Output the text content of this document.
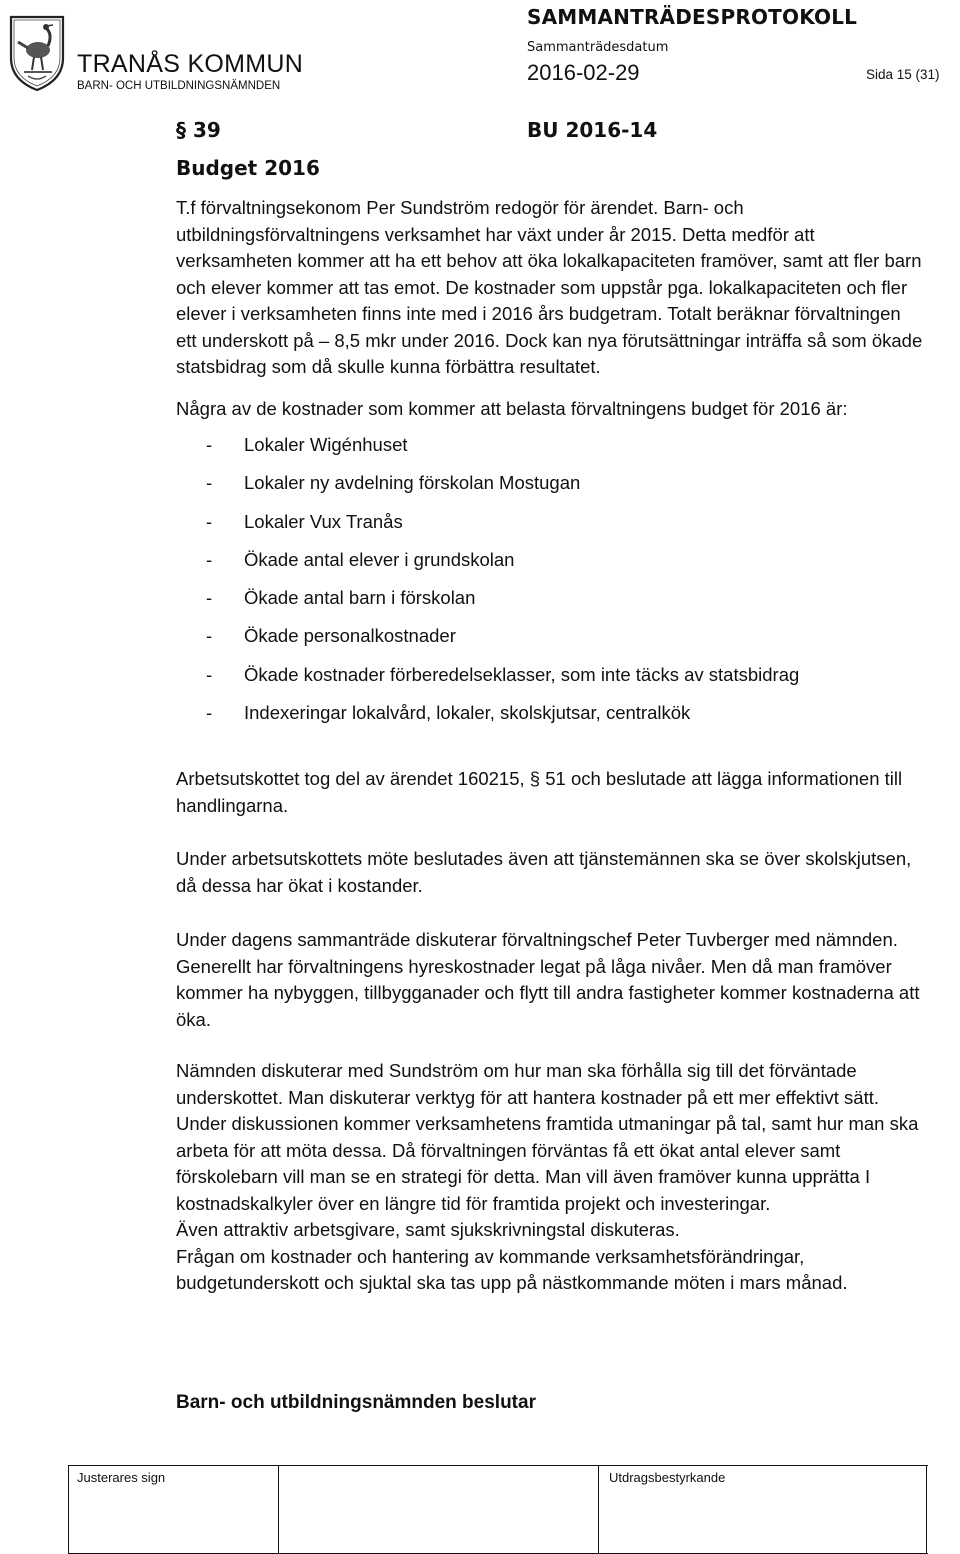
TRANÅS KOMMUN
BARN- OCH UTBILDNINGSNÄMNDEN
SAMMANTRÄDESPROTOKOLL
Sammanträdesdatum
2016-02-29	Sida 15 (31)
§ 39	BU 2016-14
Budget 2016
T.f förvaltningsekonom Per Sundström redogör för ärendet. Barn- och
utbildningsförvaltningens verksamhet har växt under år 2015. Detta medför att
verksamheten kommer att ha ett behov att öka lokalkapaciteten framöver, samt att fler barn
och elever kommer att tas emot. De kostnader som uppstår pga. lokalkapaciteten och fler
elever i verksamheten finns inte med i 2016 års budgetram. Totalt beräknar förvaltningen
ett underskott på – 8,5 mkr under 2016. Dock kan nya förutsättningar inträffa så som ökade
statsbidrag som då skulle kunna förbättra resultatet.
Några av de kostnader som kommer att belasta förvaltningens budget för 2016 är:
- Lokaler Wigénhuset
- Lokaler ny avdelning förskolan Mostugan
- Lokaler Vux Tranås
- Ökade antal elever i grundskolan
- Ökade antal barn i förskolan
- Ökade personalkostnader
- Ökade kostnader förberedelseklasser, som inte täcks av statsbidrag
- Indexeringar lokalvård, lokaler, skolskjutsar, centralkök
Arbetsutskottet tog del av ärendet 160215, § 51 och beslutade att lägga informationen till
handlingarna.
Under arbetsutskottets möte beslutades även att tjänstemännen ska se över skolskjutsen,
då dessa har ökat i kostander.
Under dagens sammanträde diskuterar förvaltningschef Peter Tuvberger med nämnden.
Generellt har förvaltningens hyreskostnader legat på låga nivåer. Men då man framöver
kommer ha nybyggen, tillbygganader och flytt till andra fastigheter kommer kostnaderna att
öka.
Nämnden diskuterar med Sundström om hur man ska förhålla sig till det förväntade
underskottet. Man diskuterar verktyg för att hantera kostnader på ett mer effektivt sätt.
Under diskussionen kommer verksamhetens framtida utmaningar på tal, samt hur man ska
arbeta för att möta dessa. Då förvaltningen förväntas få ett ökat antal elever samt
förskolebarn vill man se en strategi för detta. Man vill även framöver kunna upprätta I
kostnadskalkyler över en längre tid för framtida projekt och investeringar.
Även attraktiv arbetsgivare, samt sjukskrivningstal diskuteras.
Frågan om kostnader och hantering av kommande verksamhetsförändringar,
budgetunderskott och sjuktal ska tas upp på nästkommande möten i mars månad.
Barn- och utbildningsnämnden beslutar
Justerares sign	Utdragsbestyrkande
